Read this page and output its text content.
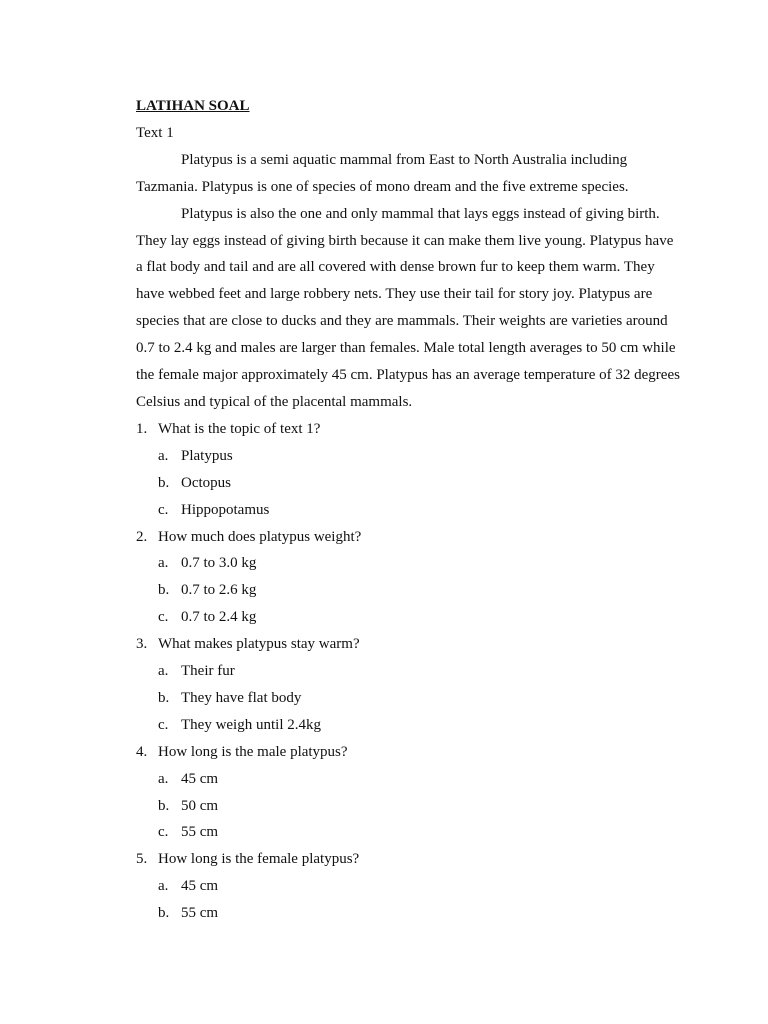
LATIHAN SOAL

Text 1

Platypus is a semi aquatic mammal from East to North Australia including Tazmania. Platypus is one of species of mono dream and the five extreme species.

Platypus is also the one and only mammal that lays eggs instead of giving birth. They lay eggs instead of giving birth because it can make them live young. Platypus have a flat body and tail and are all covered with dense brown fur to keep them warm. They have webbed feet and large robbery nets. They use their tail for story joy. Platypus are species that are close to ducks and they are mammals. Their weights are varieties around 0.7 to 2.4 kg and males are larger than females. Male total length averages to 50 cm while the female major approximately 45 cm. Platypus has an average temperature of 32 degrees Celsius and typical of the placental mammals.

1. What is the topic of text 1?
a. Platypus
b. Octopus
c. Hippopotamus
2. How much does platypus weight?
a. 0.7 to 3.0 kg
b. 0.7 to 2.6 kg
c. 0.7 to 2.4 kg
3. What makes platypus stay warm?
a. Their fur
b. They have flat body
c. They weigh until 2.4kg
4. How long is the male platypus?
a. 45 cm
b. 50 cm
c. 55 cm
5. How long is the female platypus?
a. 45 cm
b. 55 cm
